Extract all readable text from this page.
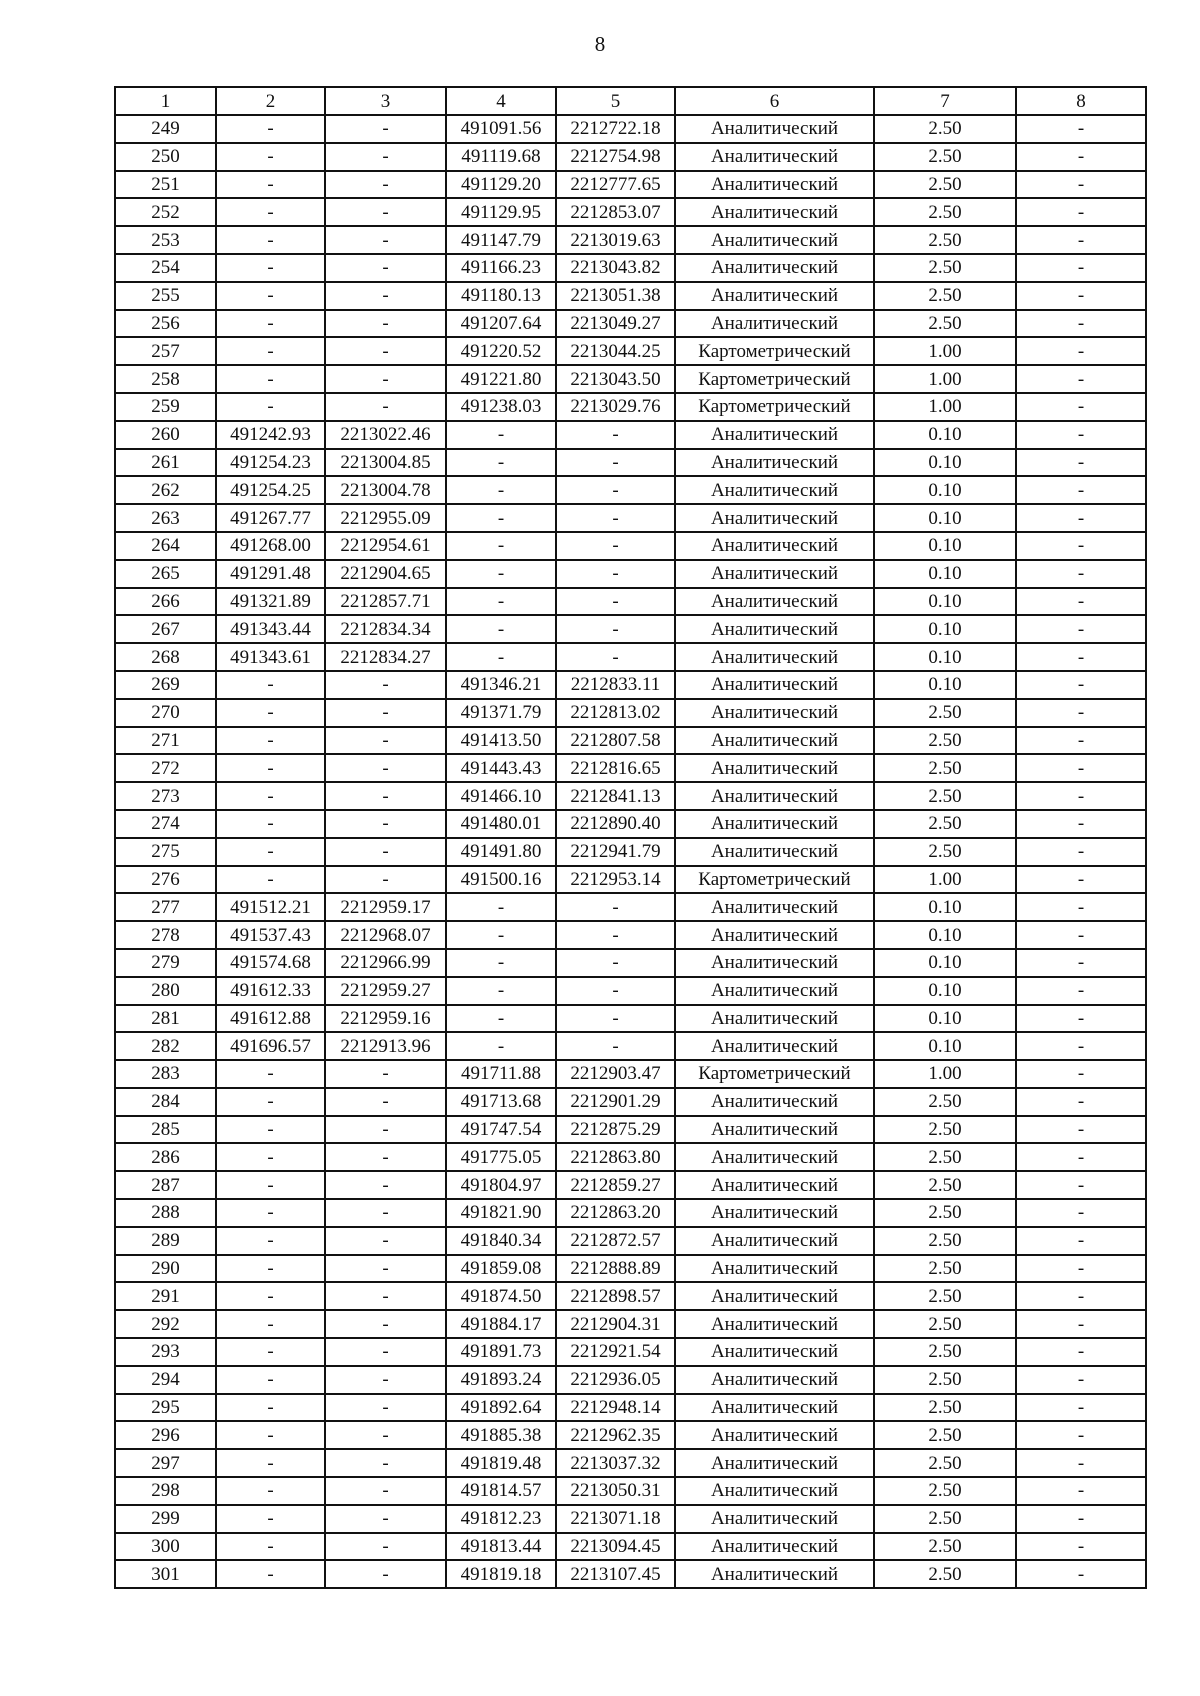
8
1	2	3	4	5	6	7	8
249	-	-	491091.56	2212722.18	Аналитический	2.50	-
250	-	-	491119.68	2212754.98	Аналитический	2.50	-
251	-	-	491129.20	2212777.65	Аналитический	2.50	-
252	-	-	491129.95	2212853.07	Аналитический	2.50	-
253	-	-	491147.79	2213019.63	Аналитический	2.50	-
254	-	-	491166.23	2213043.82	Аналитический	2.50	-
255	-	-	491180.13	2213051.38	Аналитический	2.50	-
256	-	-	491207.64	2213049.27	Аналитический	2.50	-
257	-	-	491220.52	2213044.25	Картометрический	1.00	-
258	-	-	491221.80	2213043.50	Картометрический	1.00	-
259	-	-	491238.03	2213029.76	Картометрический	1.00	-
260	491242.93	2213022.46	-	-	Аналитический	0.10	-
261	491254.23	2213004.85	-	-	Аналитический	0.10	-
262	491254.25	2213004.78	-	-	Аналитический	0.10	-
263	491267.77	2212955.09	-	-	Аналитический	0.10	-
264	491268.00	2212954.61	-	-	Аналитический	0.10	-
265	491291.48	2212904.65	-	-	Аналитический	0.10	-
266	491321.89	2212857.71	-	-	Аналитический	0.10	-
267	491343.44	2212834.34	-	-	Аналитический	0.10	-
268	491343.61	2212834.27	-	-	Аналитический	0.10	-
269	-	-	491346.21	2212833.11	Аналитический	0.10	-
270	-	-	491371.79	2212813.02	Аналитический	2.50	-
271	-	-	491413.50	2212807.58	Аналитический	2.50	-
272	-	-	491443.43	2212816.65	Аналитический	2.50	-
273	-	-	491466.10	2212841.13	Аналитический	2.50	-
274	-	-	491480.01	2212890.40	Аналитический	2.50	-
275	-	-	491491.80	2212941.79	Аналитический	2.50	-
276	-	-	491500.16	2212953.14	Картометрический	1.00	-
277	491512.21	2212959.17	-	-	Аналитический	0.10	-
278	491537.43	2212968.07	-	-	Аналитический	0.10	-
279	491574.68	2212966.99	-	-	Аналитический	0.10	-
280	491612.33	2212959.27	-	-	Аналитический	0.10	-
281	491612.88	2212959.16	-	-	Аналитический	0.10	-
282	491696.57	2212913.96	-	-	Аналитический	0.10	-
283	-	-	491711.88	2212903.47	Картометрический	1.00	-
284	-	-	491713.68	2212901.29	Аналитический	2.50	-
285	-	-	491747.54	2212875.29	Аналитический	2.50	-
286	-	-	491775.05	2212863.80	Аналитический	2.50	-
287	-	-	491804.97	2212859.27	Аналитический	2.50	-
288	-	-	491821.90	2212863.20	Аналитический	2.50	-
289	-	-	491840.34	2212872.57	Аналитический	2.50	-
290	-	-	491859.08	2212888.89	Аналитический	2.50	-
291	-	-	491874.50	2212898.57	Аналитический	2.50	-
292	-	-	491884.17	2212904.31	Аналитический	2.50	-
293	-	-	491891.73	2212921.54	Аналитический	2.50	-
294	-	-	491893.24	2212936.05	Аналитический	2.50	-
295	-	-	491892.64	2212948.14	Аналитический	2.50	-
296	-	-	491885.38	2212962.35	Аналитический	2.50	-
297	-	-	491819.48	2213037.32	Аналитический	2.50	-
298	-	-	491814.57	2213050.31	Аналитический	2.50	-
299	-	-	491812.23	2213071.18	Аналитический	2.50	-
300	-	-	491813.44	2213094.45	Аналитический	2.50	-
301	-	-	491819.18	2213107.45	Аналитический	2.50	-
